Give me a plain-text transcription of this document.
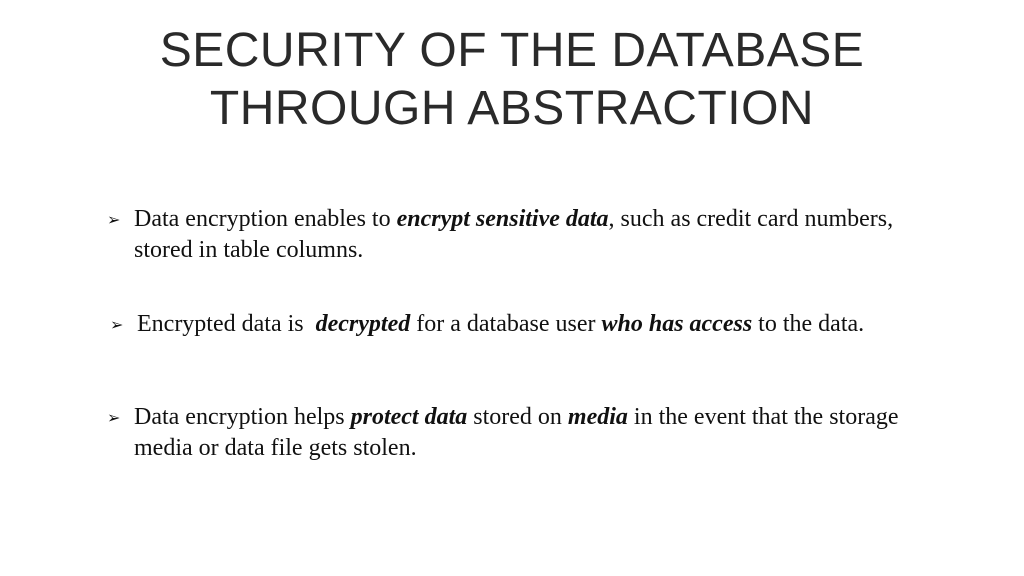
SECURITY OF THE DATABASE
THROUGH ABSTRACTION
➢ Data encryption enables to encrypt sensitive data, such as credit card numbers, stored in table columns.
➢ Encrypted data is  decrypted for a database user who has access to the data.
➢ Data encryption helps protect data stored on media in the event that the storage media or data file gets stolen.
